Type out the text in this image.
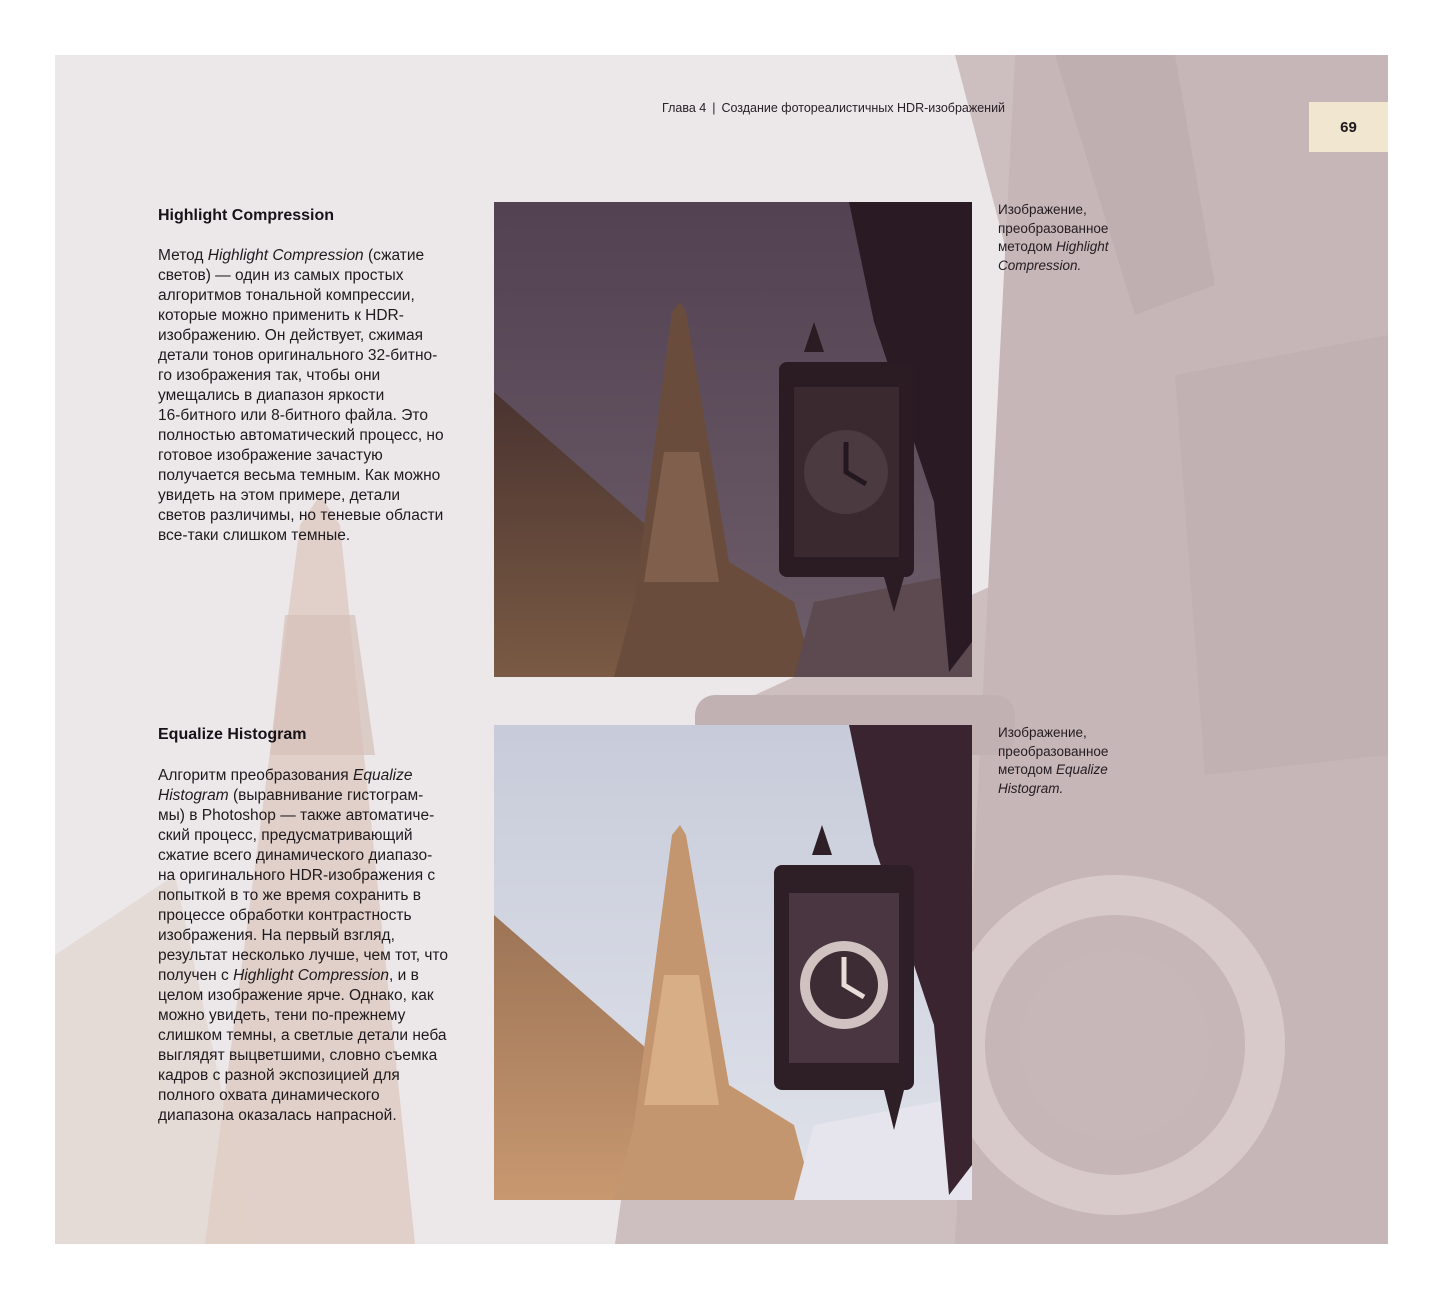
Глава 4 | Создание фотореалистичных HDR-изображений
69
Highlight Compression
Метод Highlight Compression (сжатие
светов) — один из самых простых
алгоритмов тональной компрессии,
которые можно применить к HDR-
изображению. Он действует, сжимая
детали тонов оригинального 32-битно-
го изображения так, чтобы они
умещались в диапазон яркости
16-битного или 8-битного файла. Это
полностью автоматический процесс, но
готовое изображение зачастую
получается весьма темным. Как можно
увидеть на этом примере, детали
светов различимы, но теневые области
все-таки слишком темные.
Изображение,
преобразованное
методом Highlight
Compression.
Equalize Histogram
Алгоритм преобразования Equalize
Histogram (выравнивание гистограм-
мы) в Photoshop — также автоматиче-
ский процесс, предусматривающий
сжатие всего динамического диапазо-
на оригинального HDR-изображения с
попыткой в то же время сохранить в
процессе обработки контрастность
изображения. На первый взгляд,
результат несколько лучше, чем тот, что
получен с Highlight Compression, и в
целом изображение ярче. Однако, как
можно увидеть, тени по-прежнему
слишком темны, а светлые детали неба
выглядят выцветшими, словно съемка
кадров с разной экспозицией для
полного охвата динамического
диапазона оказалась напрасной.
Изображение,
преобразованное
методом Equalize
Histogram.
